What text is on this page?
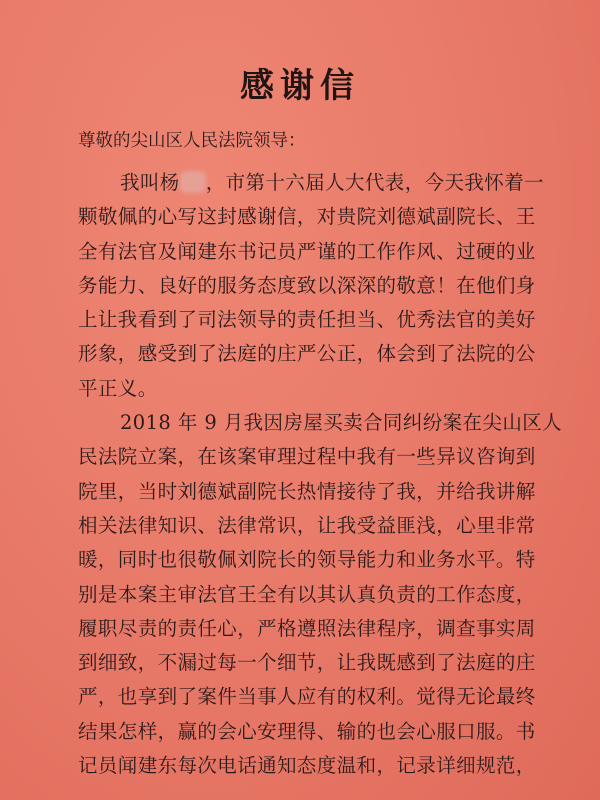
感谢信
尊敬的尖山区人民法院领导：
我叫杨 ，市第十六届人大代表，今天我怀着一
颗敬佩的心写这封感谢信，对贵院刘德斌副院长、王
全有法官及闻建东书记员严谨的工作作风、过硬的业
务能力、良好的服务态度致以深深的敬意！在他们身
上让我看到了司法领导的责任担当、优秀法官的美好
形象，感受到了法庭的庄严公正，体会到了法院的公
平正义。
2018 年 9 月我因房屋买卖合同纠纷案在尖山区人
民法院立案，在该案审理过程中我有一些异议咨询到
院里，当时刘德斌副院长热情接待了我，并给我讲解
相关法律知识、法律常识，让我受益匪浅，心里非常
暖，同时也很敬佩刘院长的领导能力和业务水平。特
别是本案主审法官王全有以其认真负责的工作态度，
履职尽责的责任心，严格遵照法律程序，调查事实周
到细致，不漏过每一个细节，让我既感到了法庭的庄
严，也享到了案件当事人应有的权利。觉得无论最终
结果怎样，赢的会心安理得、输的也会心服口服。书
记员闻建东每次电话通知态度温和，记录详细规范，
